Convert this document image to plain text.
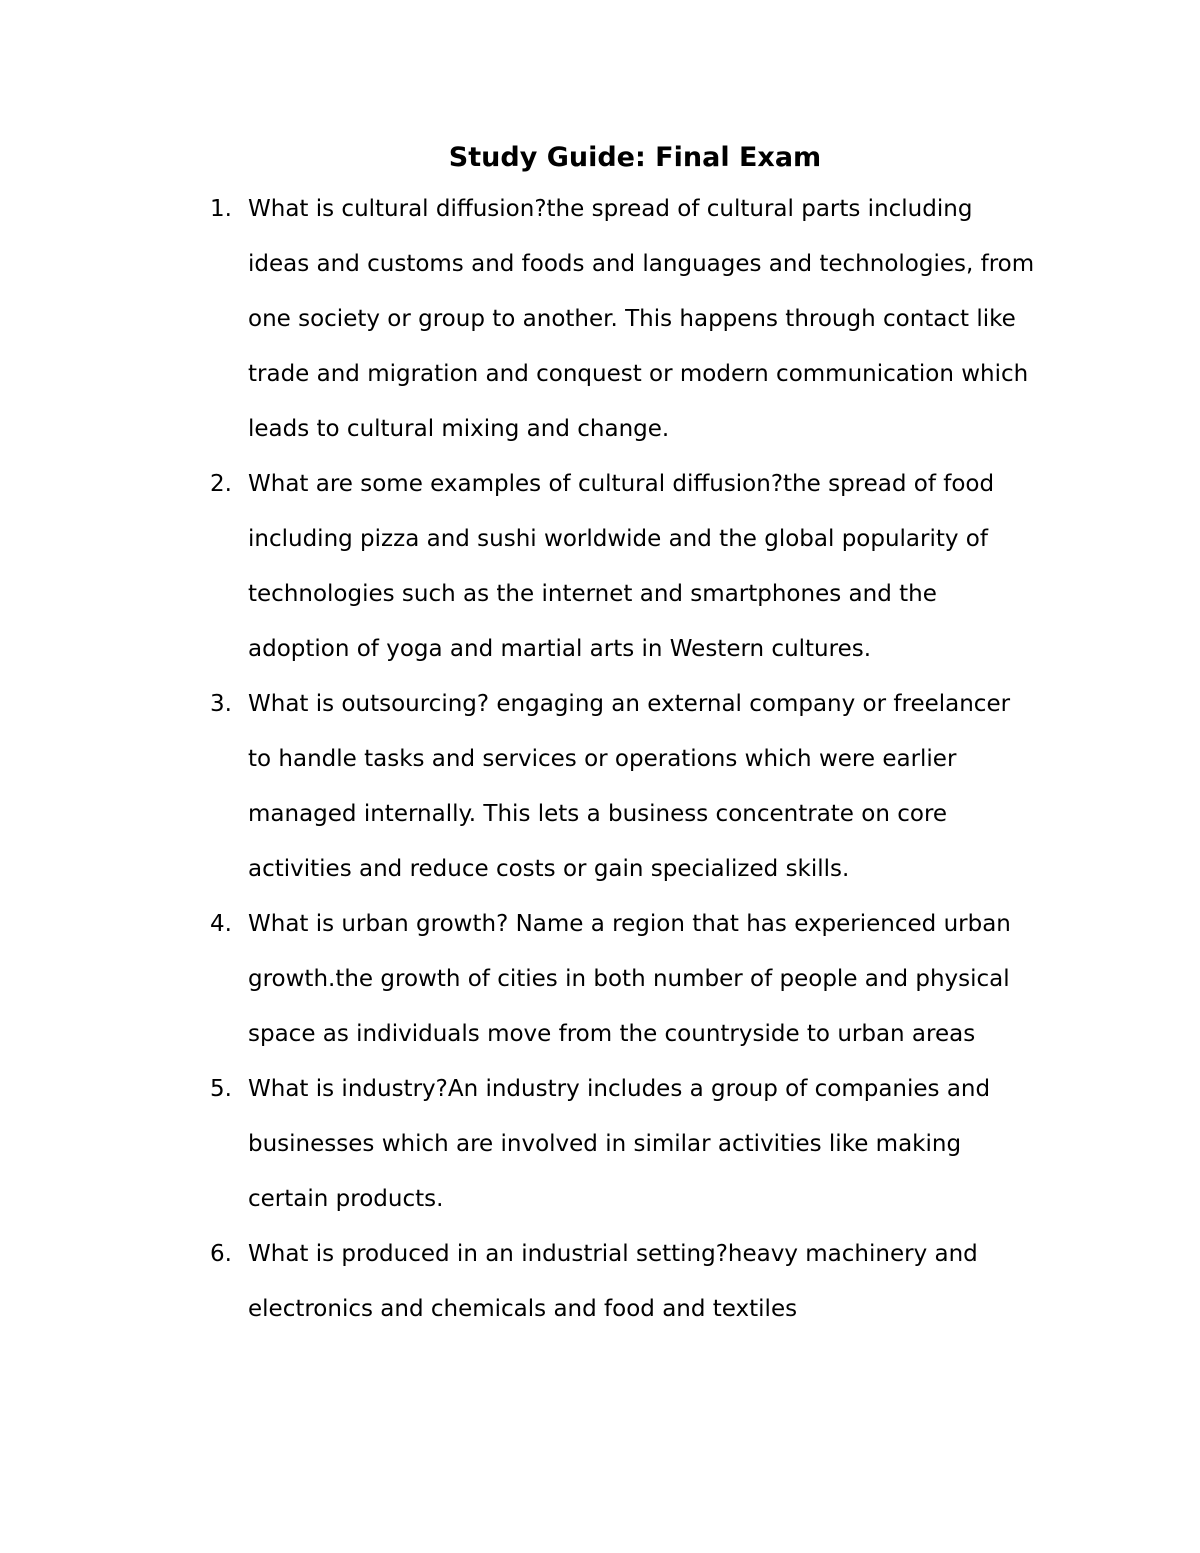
Study Guide: Final Exam
1. What is cultural diffusion?the spread of cultural parts including
ideas and customs and foods and languages and technologies, from
one society or group to another. This happens through contact like
trade and migration and conquest or modern communication which
leads to cultural mixing and change.
2. What are some examples of cultural diffusion?the spread of food
including pizza and sushi worldwide and the global popularity of
technologies such as the internet and smartphones and the
adoption of yoga and martial arts in Western cultures.
3. What is outsourcing? engaging an external company or freelancer
to handle tasks and services or operations which were earlier
managed internally. This lets a business concentrate on core
activities and reduce costs or gain specialized skills.
4. What is urban growth? Name a region that has experienced urban
growth.the growth of cities in both number of people and physical
space as individuals move from the countryside to urban areas
5. What is industry?An industry includes a group of companies and
businesses which are involved in similar activities like making
certain products.
6. What is produced in an industrial setting?heavy machinery and
electronics and chemicals and food and textiles
